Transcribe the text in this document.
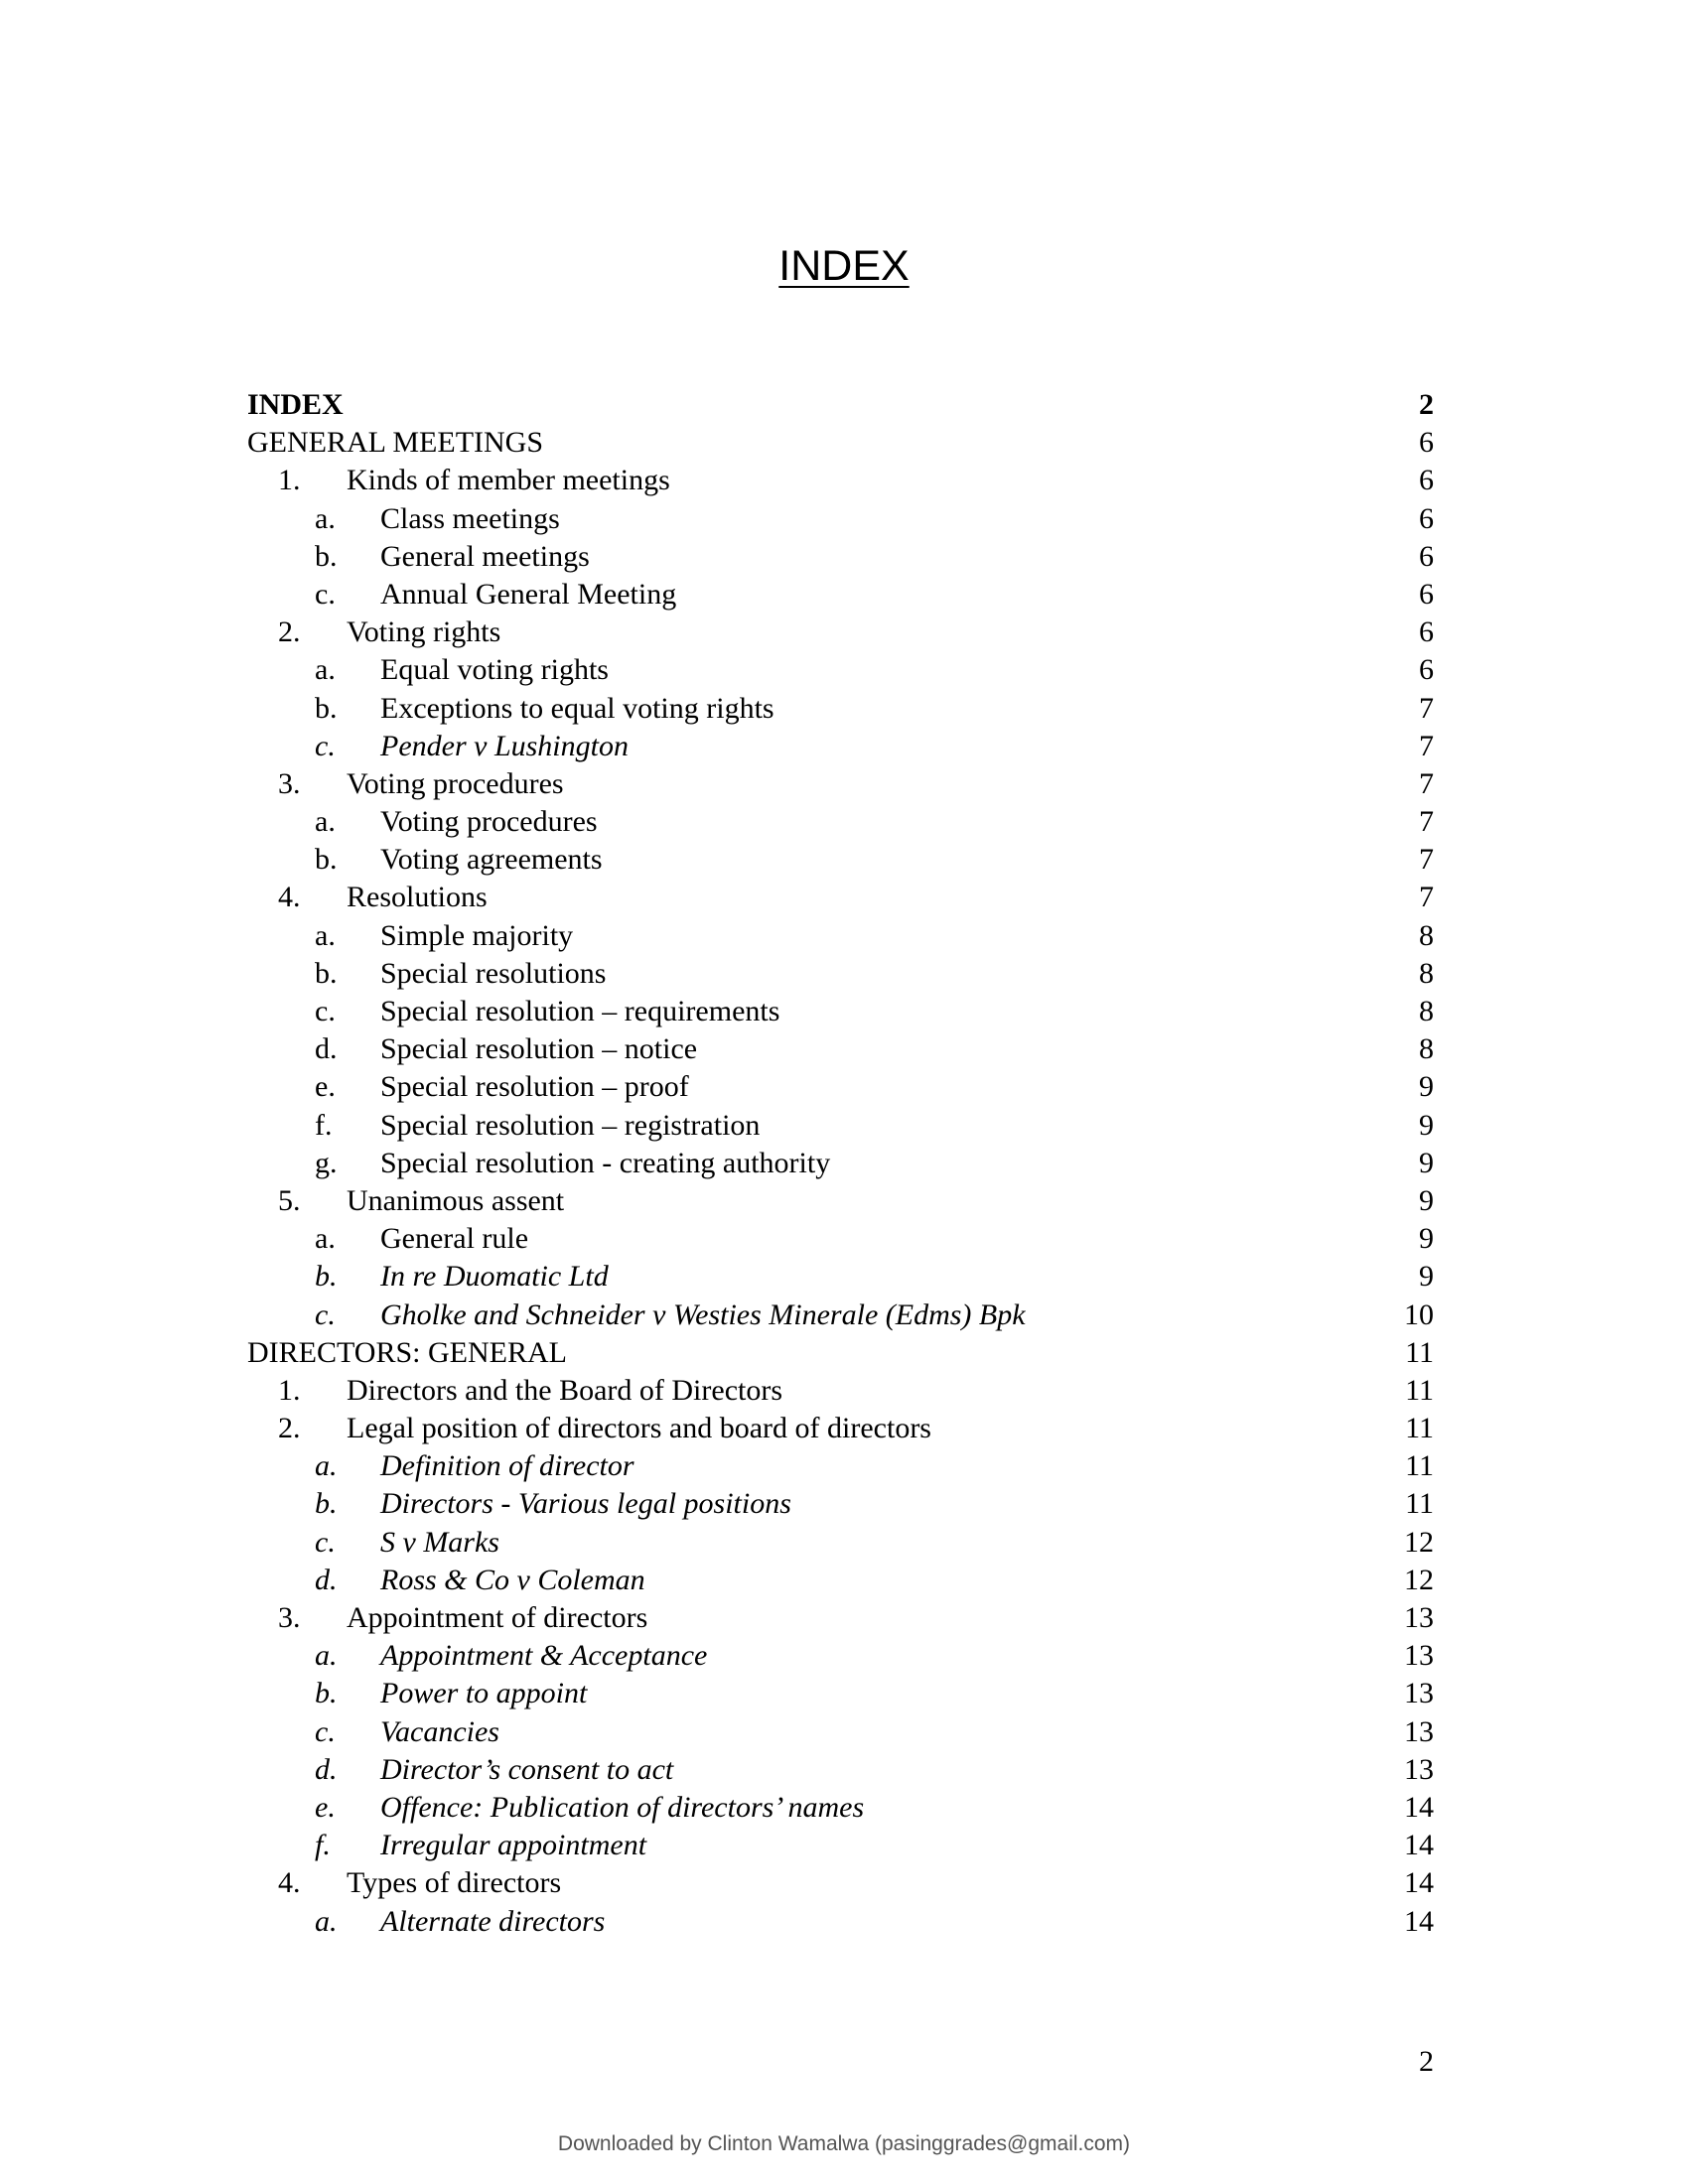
INDEX
INDEX	2
GENERAL MEETINGS	6
1.	Kinds of member meetings	6
a.	Class meetings	6
b.	General meetings	6
c.	Annual General Meeting	6
2.	Voting rights	6
a.	Equal voting rights	6
b.	Exceptions to equal voting rights	7
c.	Pender v Lushington	7
3.	Voting procedures	7
a.	Voting procedures	7
b.	Voting agreements	7
4.	Resolutions	7
a.	Simple majority	8
b.	Special resolutions	8
c.	Special resolution – requirements	8
d.	Special resolution – notice	8
e.	Special resolution – proof	9
f.	Special resolution – registration	9
g.	Special resolution - creating authority	9
5.	Unanimous assent	9
a.	General rule	9
b.	In re Duomatic Ltd	9
c.	Gholke and Schneider v Westies Minerale (Edms) Bpk	10
DIRECTORS: GENERAL	11
1.	Directors and the Board of Directors	11
2.	Legal position of directors and board of directors	11
a.	Definition of director	11
b.	Directors - Various legal positions	11
c.	S v Marks	12
d.	Ross & Co v Coleman	12
3.	Appointment of directors	13
a.	Appointment & Acceptance	13
b.	Power to appoint	13
c.	Vacancies	13
d.	Director’s consent to act	13
e.	Offence: Publication of directors’ names	14
f.	Irregular appointment	14
4.	Types of directors	14
a.	Alternate directors	14
2
Downloaded by Clinton Wamalwa (pasinggrades@gmail.com)
